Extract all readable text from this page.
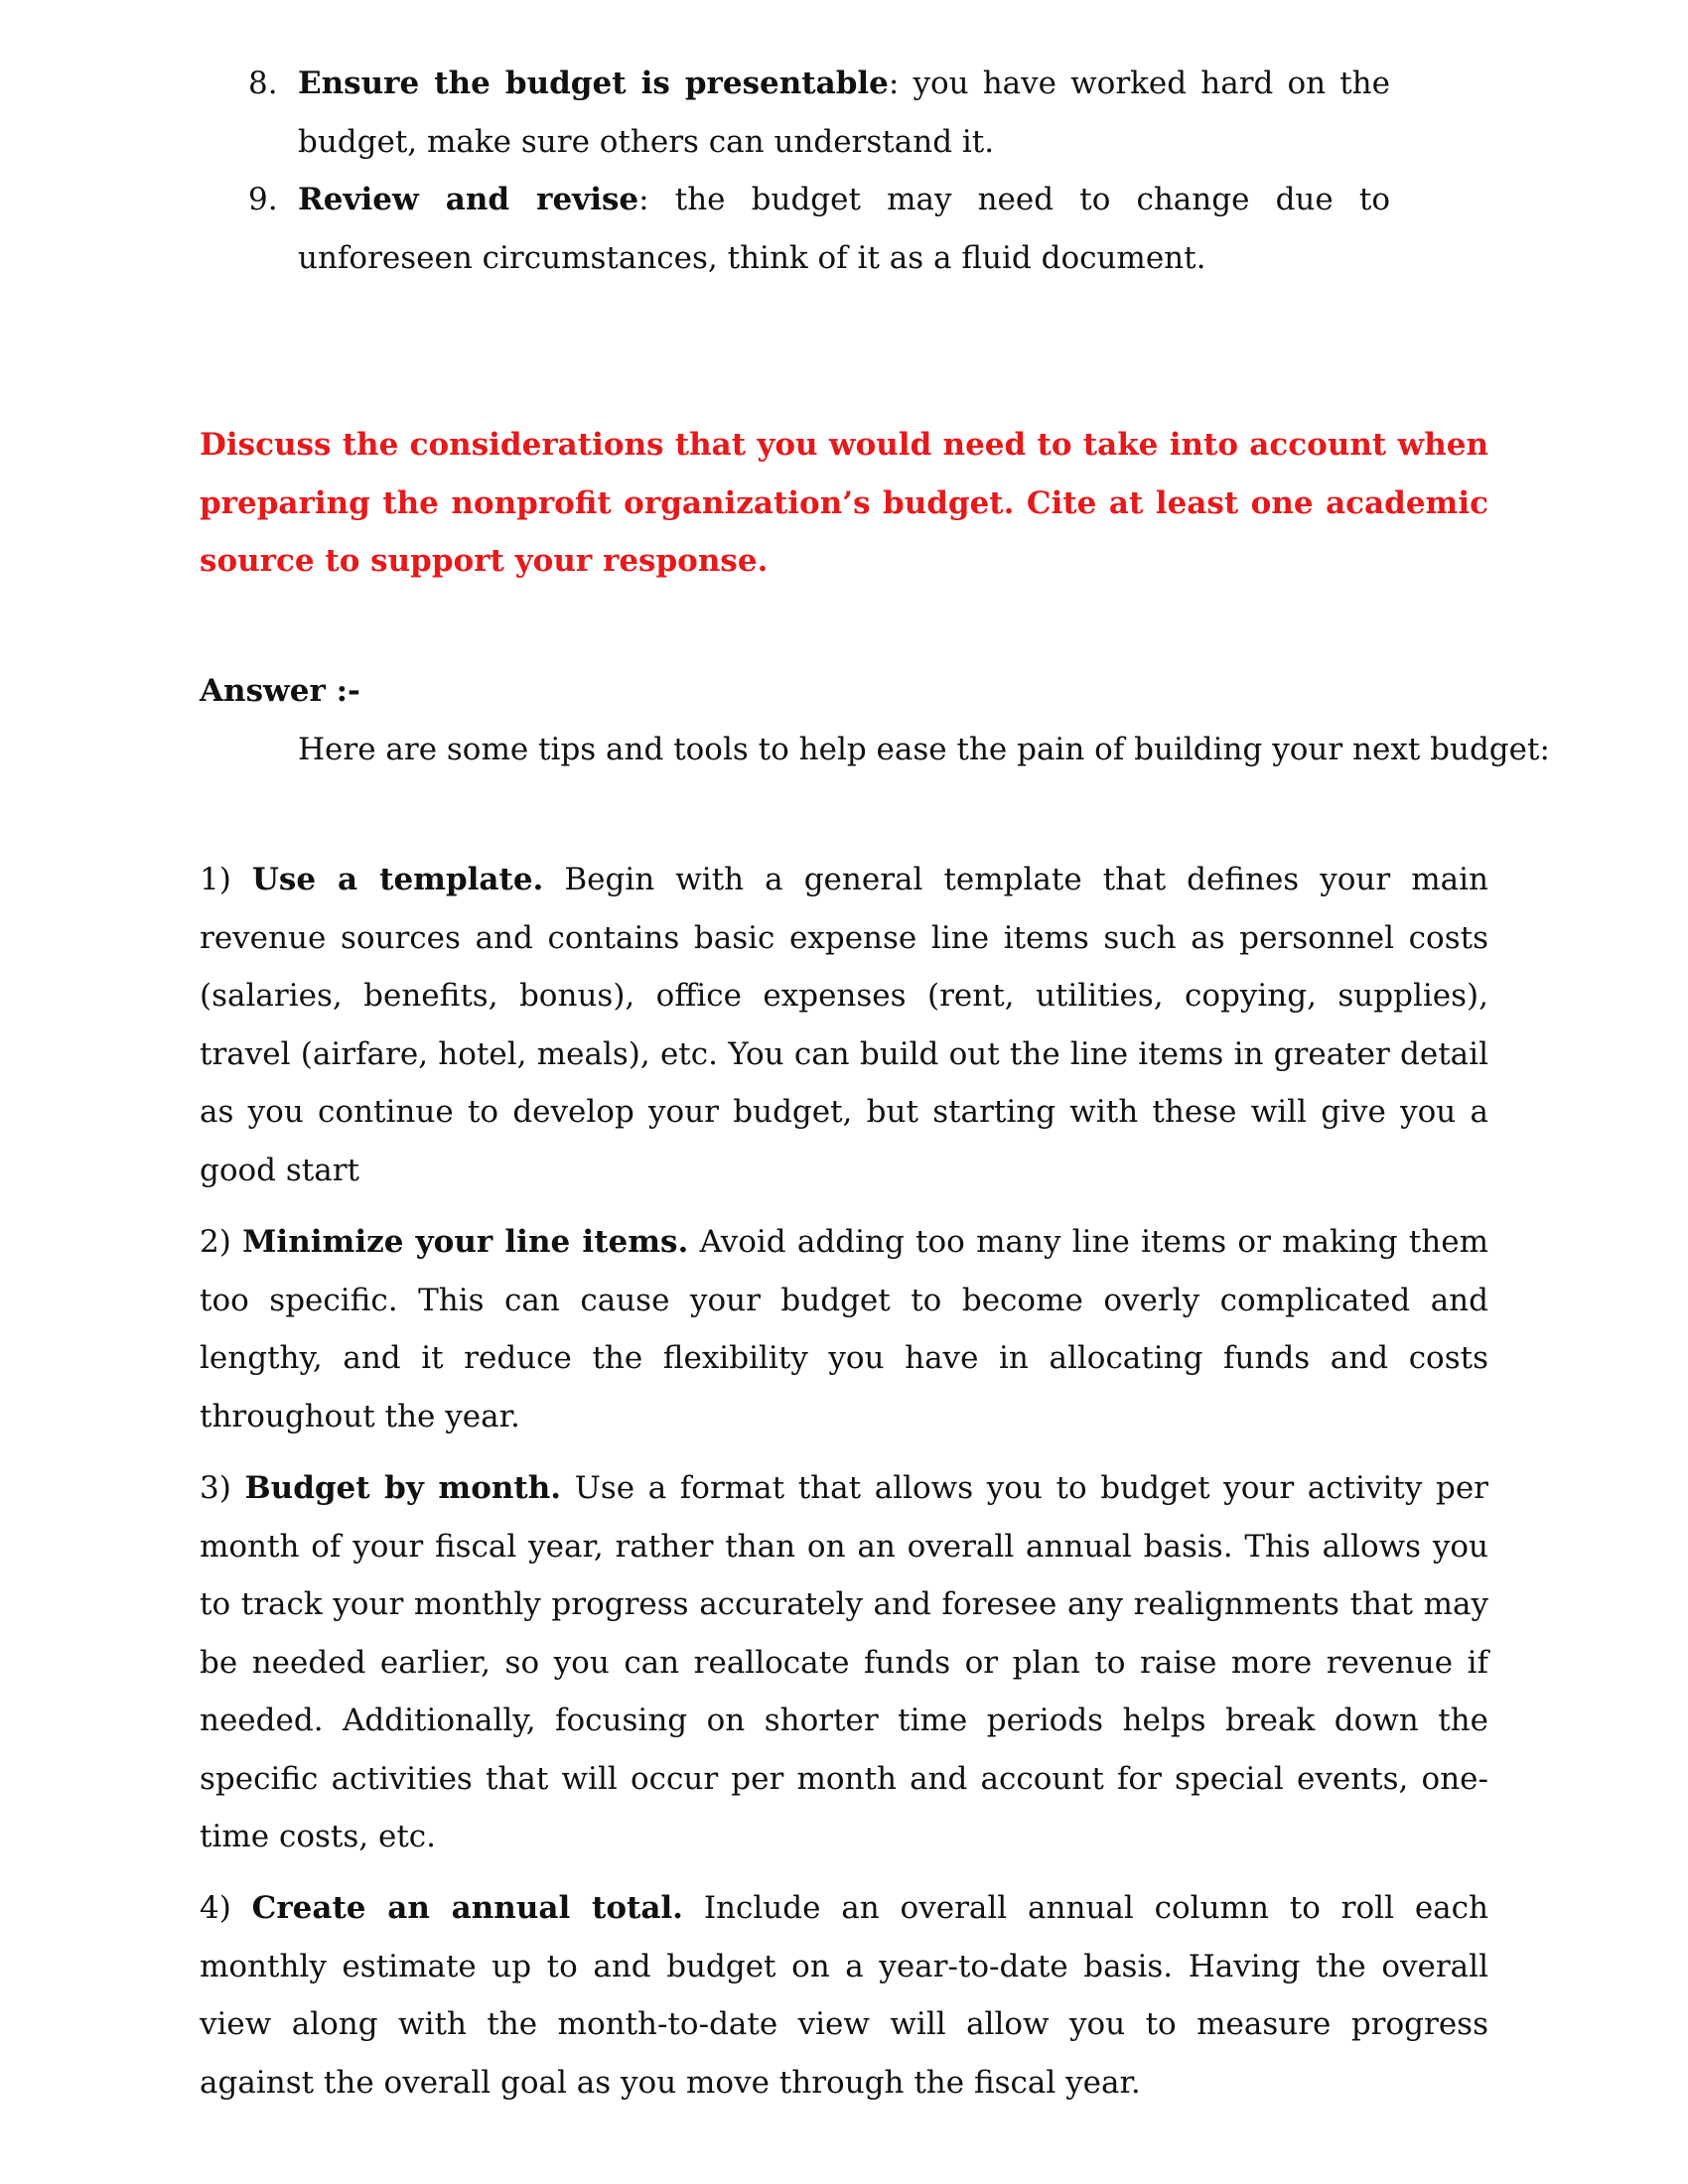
8. Ensure the budget is presentable: you have worked hard on the budget, make sure others can understand it.
9. Review and revise: the budget may need to change due to unforeseen circumstances, think of it as a fluid document.
Discuss the considerations that you would need to take into account when preparing the nonprofit organization’s budget. Cite at least one academic source to support your response.
Answer :-
Here are some tips and tools to help ease the pain of building your next budget:
1) Use a template. Begin with a general template that defines your main revenue sources and contains basic expense line items such as personnel costs (salaries, benefits, bonus), office expenses (rent, utilities, copying, supplies), travel (airfare, hotel, meals), etc. You can build out the line items in greater detail as you continue to develop your budget, but starting with these will give you a good start
2) Minimize your line items. Avoid adding too many line items or making them too specific. This can cause your budget to become overly complicated and lengthy, and it reduce the flexibility you have in allocating funds and costs throughout the year.
3) Budget by month. Use a format that allows you to budget your activity per month of your fiscal year, rather than on an overall annual basis. This allows you to track your monthly progress accurately and foresee any realignments that may be needed earlier, so you can reallocate funds or plan to raise more revenue if needed. Additionally, focusing on shorter time periods helps break down the specific activities that will occur per month and account for special events, one-time costs, etc.
4) Create an annual total. Include an overall annual column to roll each monthly estimate up to and budget on a year-to-date basis. Having the overall view along with the month-to-date view will allow you to measure progress against the overall goal as you move through the fiscal year.
